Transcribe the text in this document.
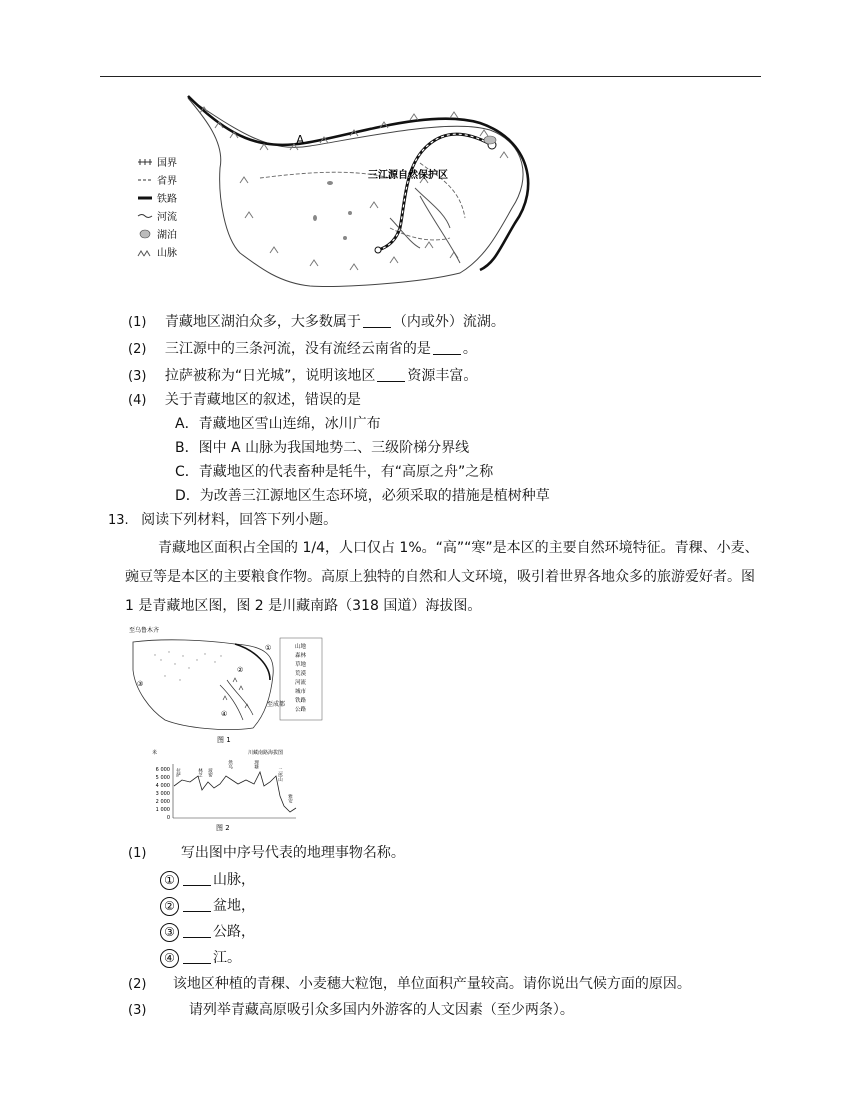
A
三江源自然保护区
国界
省界
铁路
河流
湖泊
山脉
(1) 青藏地区湖泊众多，大多数属于 （内或外）流湖。
(2) 三江源中的三条河流，没有流经云南省的是 。
(3) 拉萨被称为“日光城”，说明该地区 资源丰富。
(4) 关于青藏地区的叙述，错误的是
A．青藏地区雪山连绵，冰川广布
B．图中 A 山脉为我国地势二、三级阶梯分界线
C．青藏地区的代表畜种是牦牛，有“高原之舟”之称
D．为改善三江源地区生态环境，必须采取的措施是植树种草
13. 阅读下列材料，回答下列小题。
青藏地区面积占全国的 1/4，人口仅占 1%。“高”“寒”是本区的主要自然环境特征。青稞、小麦、豌豆等是本区的主要粮食作物。高原上独特的自然和人文环境，吸引着世界各地众多的旅游爱好者。图 1 是青藏地区图，图 2 是川藏南路（318 国道）海拔图。
至乌鲁木齐
①
②
③
④
至成都
山地
森林
草地
荒漠
河流
城市
铁路
公路
图 1
米	川藏南路海拔图
6 000
5 000
4 000
3 000
2 000
1 000
0
拉萨	林芝 波密
然乌	理塘
二郎山
雅安
图 2
(1) 写出图中序号代表的地理事物名称。
①	山脉，
②	盆地，
③	公路，
④	江。
(2) 该地区种植的青稞、小麦穗大粒饱，单位面积产量较高。请你说出气候方面的原因。
(3)	请列举青藏高原吸引众多国内外游客的人文因素（至少两条）。
